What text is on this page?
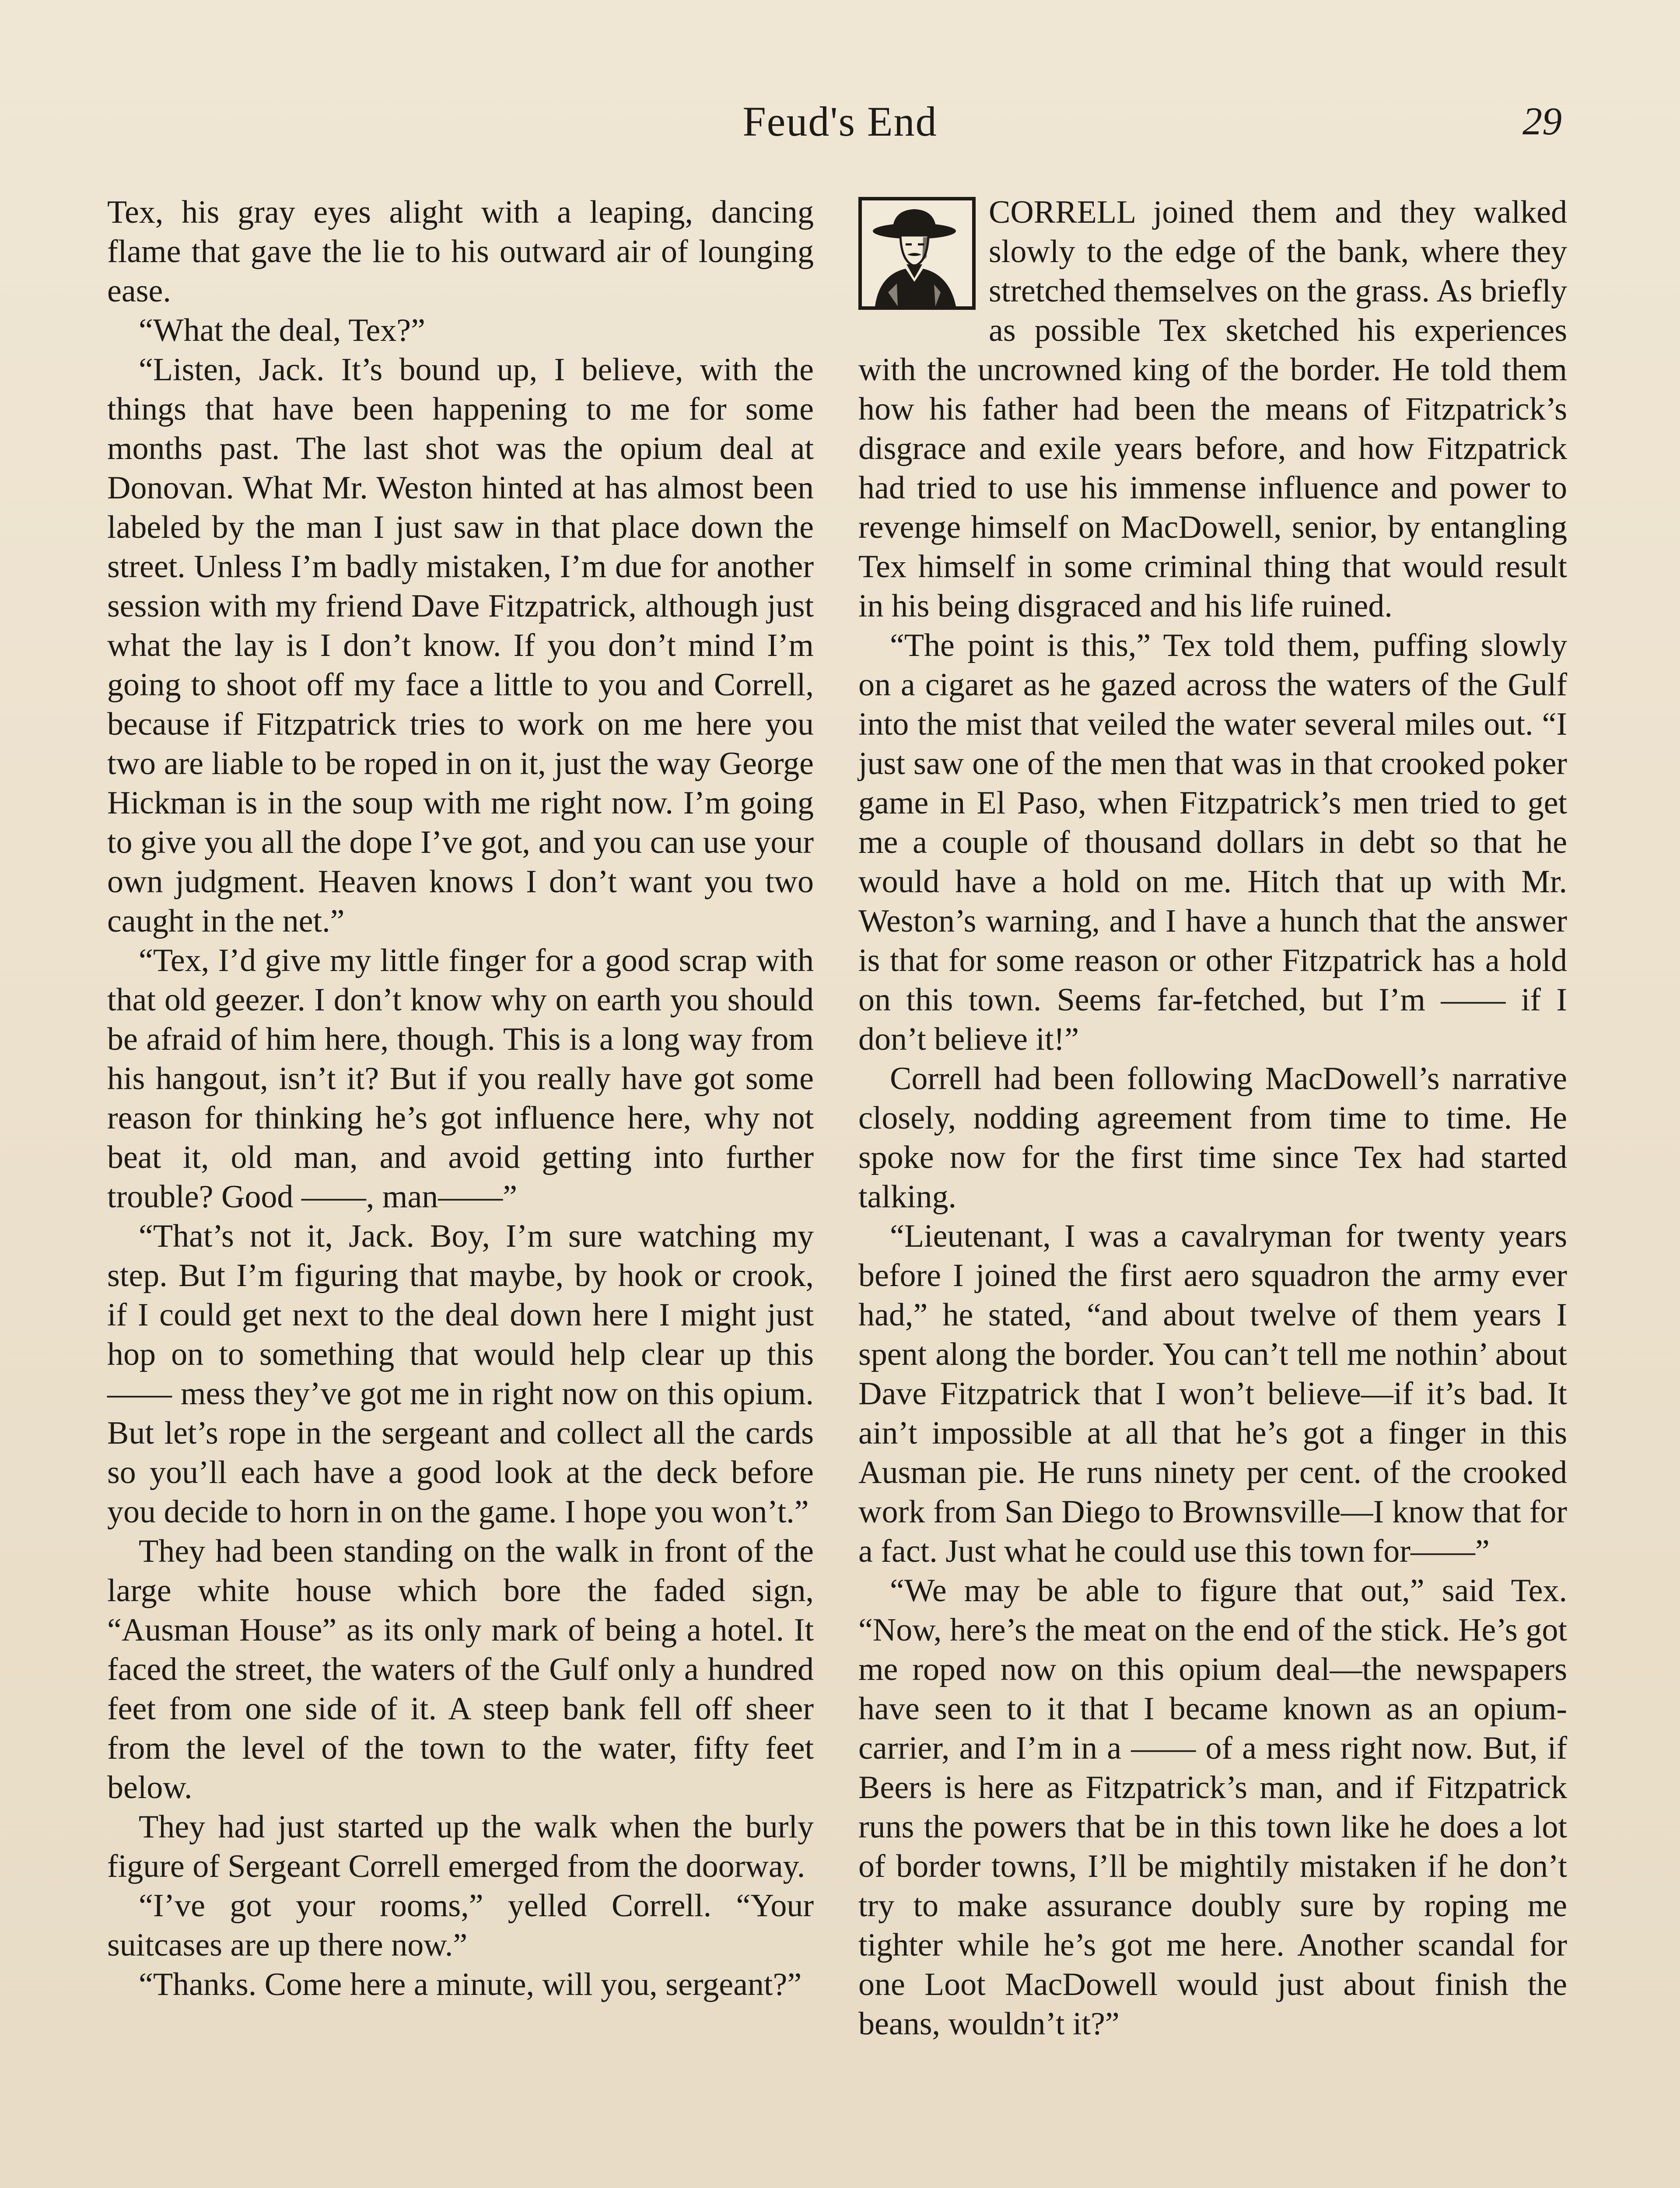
Feud's End	29

Tex, his gray eyes alight with a leaping, dancing flame that gave the lie to his outward air of lounging ease.

“What the deal, Tex?”

“Listen, Jack. It’s bound up, I believe, with the things that have been happening to me for some months past. The last shot was the opium deal at Donovan. What Mr. Weston hinted at has almost been labeled by the man I just saw in that place down the street. Unless I’m badly mistaken, I’m due for another session with my friend Dave Fitzpatrick, although just what the lay is I don’t know. If you don’t mind I’m going to shoot off my face a little to you and Correll, because if Fitzpatrick tries to work on me here you two are liable to be roped in on it, just the way George Hickman is in the soup with me right now. I’m going to give you all the dope I’ve got, and you can use your own judgment. Heaven knows I don’t want you two caught in the net.”

“Tex, I’d give my little finger for a good scrap with that old geezer. I don’t know why on earth you should be afraid of him here, though. This is a long way from his hangout, isn’t it? But if you really have got some reason for thinking he’s got influence here, why not beat it, old man, and avoid getting into further trouble? Good ——, man——”

“That’s not it, Jack. Boy, I’m sure watching my step. But I’m figuring that maybe, by hook or crook, if I could get next to the deal down here I might just hop on to something that would help clear up this —— mess they’ve got me in right now on this opium. But let’s rope in the sergeant and collect all the cards so you’ll each have a good look at the deck before you decide to horn in on the game. I hope you won’t.”

They had been standing on the walk in front of the large white house which bore the faded sign, “Ausman House” as its only mark of being a hotel. It faced the street, the waters of the Gulf only a hundred feet from one side of it. A steep bank fell off sheer from the level of the town to the water, fifty feet below.

They had just started up the walk when the burly figure of Sergeant Correll emerged from the doorway.

“I’ve got your rooms,” yelled Correll. “Your suitcases are up there now.”

“Thanks. Come here a minute, will you, sergeant?”

CORRELL joined them and they walked slowly to the edge of the bank, where they stretched themselves on the grass. As briefly as possible Tex sketched his experiences with the uncrowned king of the border. He told them how his father had been the means of Fitzpatrick’s disgrace and exile years before, and how Fitzpatrick had tried to use his immense influence and power to revenge himself on MacDowell, senior, by entangling Tex himself in some criminal thing that would result in his being disgraced and his life ruined.

“The point is this,” Tex told them, puffing slowly on a cigaret as he gazed across the waters of the Gulf into the mist that veiled the water several miles out. “I just saw one of the men that was in that crooked poker game in El Paso, when Fitzpatrick’s men tried to get me a couple of thousand dollars in debt so that he would have a hold on me. Hitch that up with Mr. Weston’s warning, and I have a hunch that the answer is that for some reason or other Fitzpatrick has a hold on this town. Seems far-fetched, but I’m —— if I don’t believe it!”

Correll had been following MacDowell’s narrative closely, nodding agreement from time to time. He spoke now for the first time since Tex had started talking.

“Lieutenant, I was a cavalryman for twenty years before I joined the first aero squadron the army ever had,” he stated, “and about twelve of them years I spent along the border. You can’t tell me nothin’ about Dave Fitzpatrick that I won’t believe—if it’s bad. It ain’t impossible at all that he’s got a finger in this Ausman pie. He runs ninety per cent. of the crooked work from San Diego to Brownsville—I know that for a fact. Just what he could use this town for——”

“We may be able to figure that out,” said Tex. “Now, here’s the meat on the end of the stick. He’s got me roped now on this opium deal—the newspapers have seen to it that I became known as an opium-carrier, and I’m in a —— of a mess right now. But, if Beers is here as Fitzpatrick’s man, and if Fitzpatrick runs the powers that be in this town like he does a lot of border towns, I’ll be mightily mistaken if he don’t try to make assurance doubly sure by roping me tighter while he’s got me here. Another scandal for one Loot MacDowell would just about finish the beans, wouldn’t it?”
